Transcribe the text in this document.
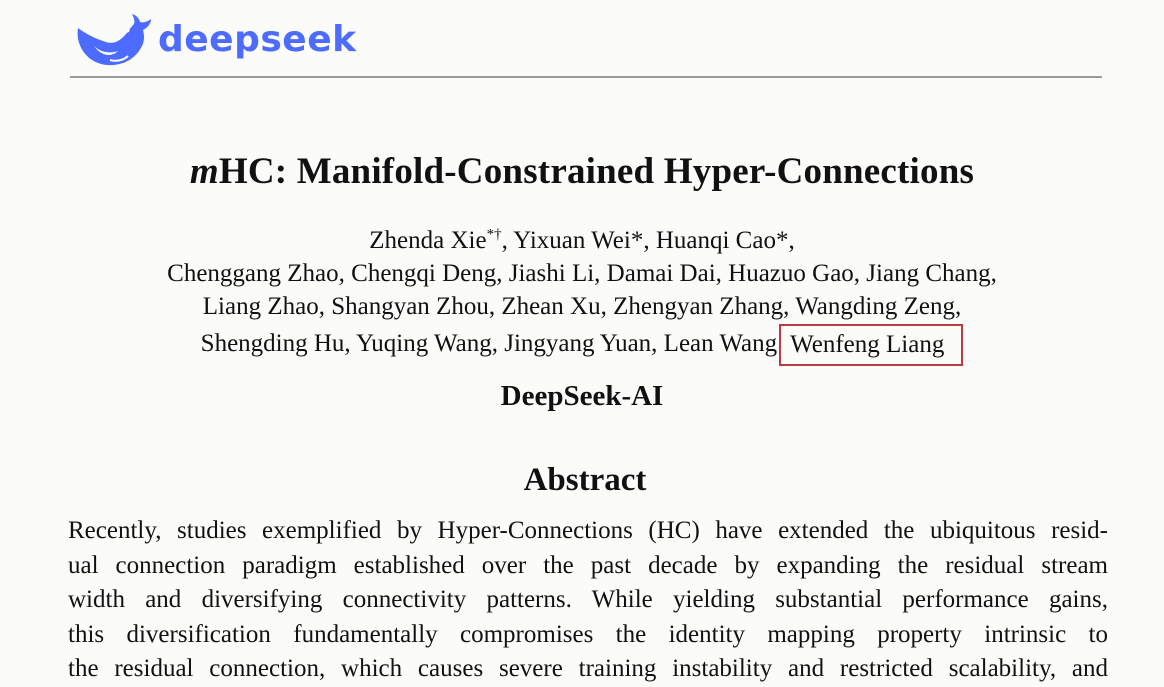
deepseek
mHC: Manifold-Constrained Hyper-Connections
Zhenda Xie*†, Yixuan Wei*, Huanqi Cao*,
Chenggang Zhao, Chengqi Deng, Jiashi Li, Damai Dai, Huazuo Gao, Jiang Chang,
Liang Zhao, Shangyan Zhou, Zhean Xu, Zhengyan Zhang, Wangding Zeng,
Shengding Hu, Yuqing Wang, Jingyang Yuan, Lean Wang Wenfeng Liang
DeepSeek-AI
Abstract
Recently, studies exemplified by Hyper-Connections (HC) have extended the ubiquitous resid-
ual connection paradigm established over the past decade by expanding the residual stream
width and diversifying connectivity patterns. While yielding substantial performance gains,
this diversification fundamentally compromises the identity mapping property intrinsic to
the residual connection, which causes severe training instability and restricted scalability, and
